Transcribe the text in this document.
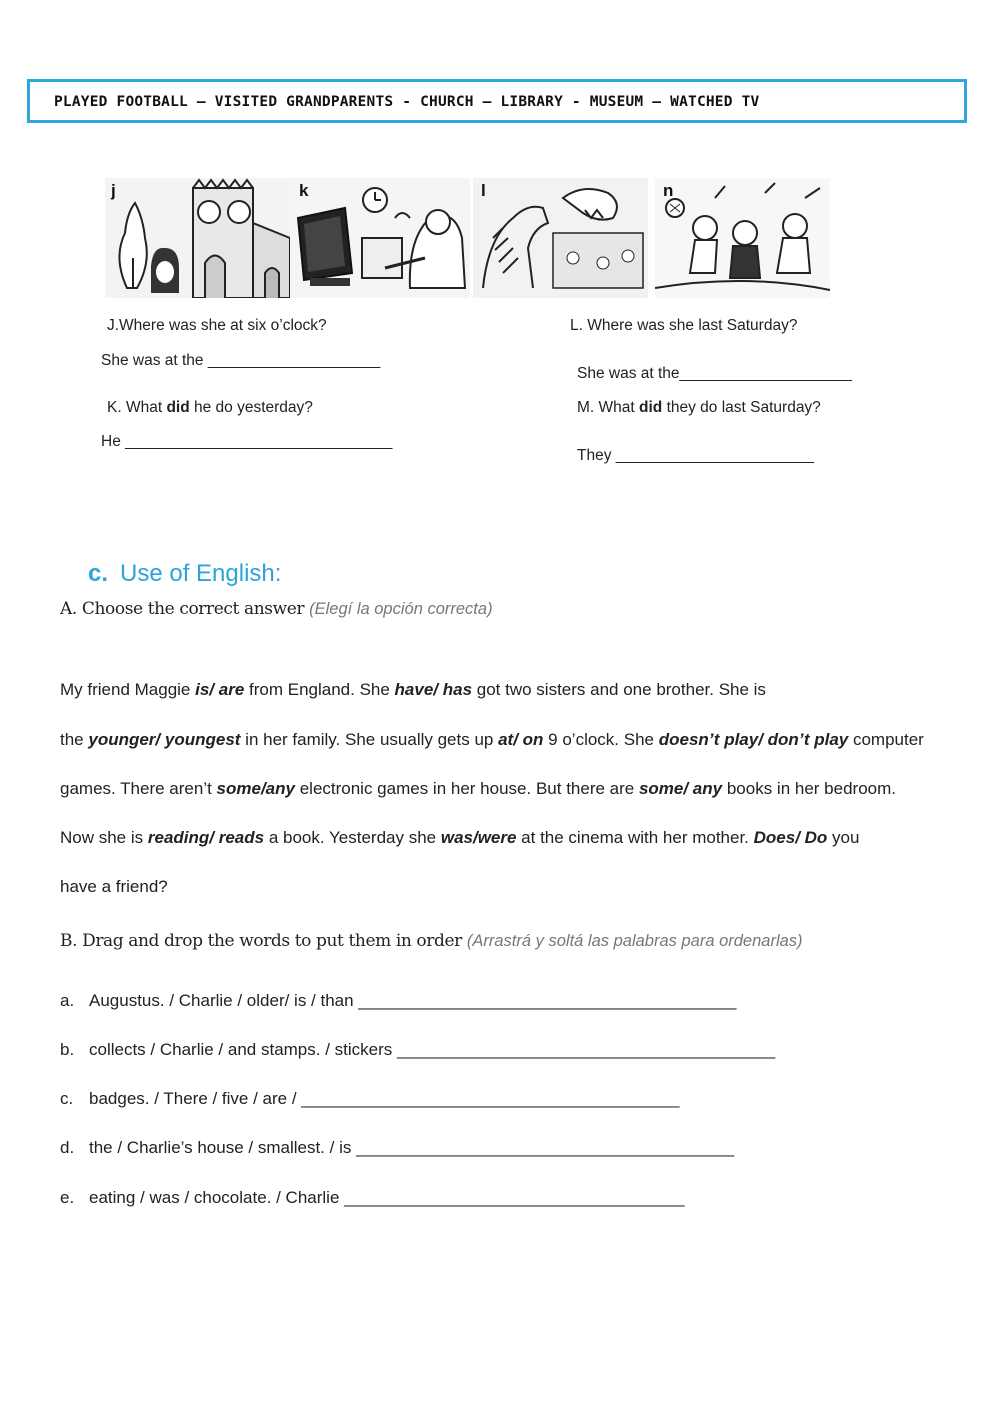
PLAYED FOOTBALL – VISITED GRANDPARENTS - CHURCH – LIBRARY - MUSEUM – WATCHED TV
j	k	l	n
J.Where was she at six o’clock?
She was at the ____________________
K. What did he do yesterday?
He _______________________________
L. Where was she last Saturday?
She was at the____________________
M. What did they do last Saturday?
They _______________________
c. Use of English:
A. Choose the correct answer (Elegí la opción correcta)
My friend Maggie is/ are from England. She have/ has got two sisters and one brother. She is
the younger/ youngest in her family. She usually gets up at/ on 9 o’clock. She doesn’t play/ don’t play computer
games. There aren’t some/any electronic games in her house. But there are some/ any books in her bedroom.
Now she is reading/ reads a book. Yesterday she was/were at the cinema with her mother. Does/ Do you
have a friend?
B. Drag and drop the words to put them in order (Arrastrá y soltá las palabras para ordenarlas)
a. Augustus. / Charlie / older/ is / than ________________________________________
b. collects / Charlie / and stamps. / stickers ________________________________________
c. badges. / There / five / are / ________________________________________
d. the / Charlie’s house / smallest. / is ________________________________________
e. eating / was / chocolate. / Charlie ____________________________________
